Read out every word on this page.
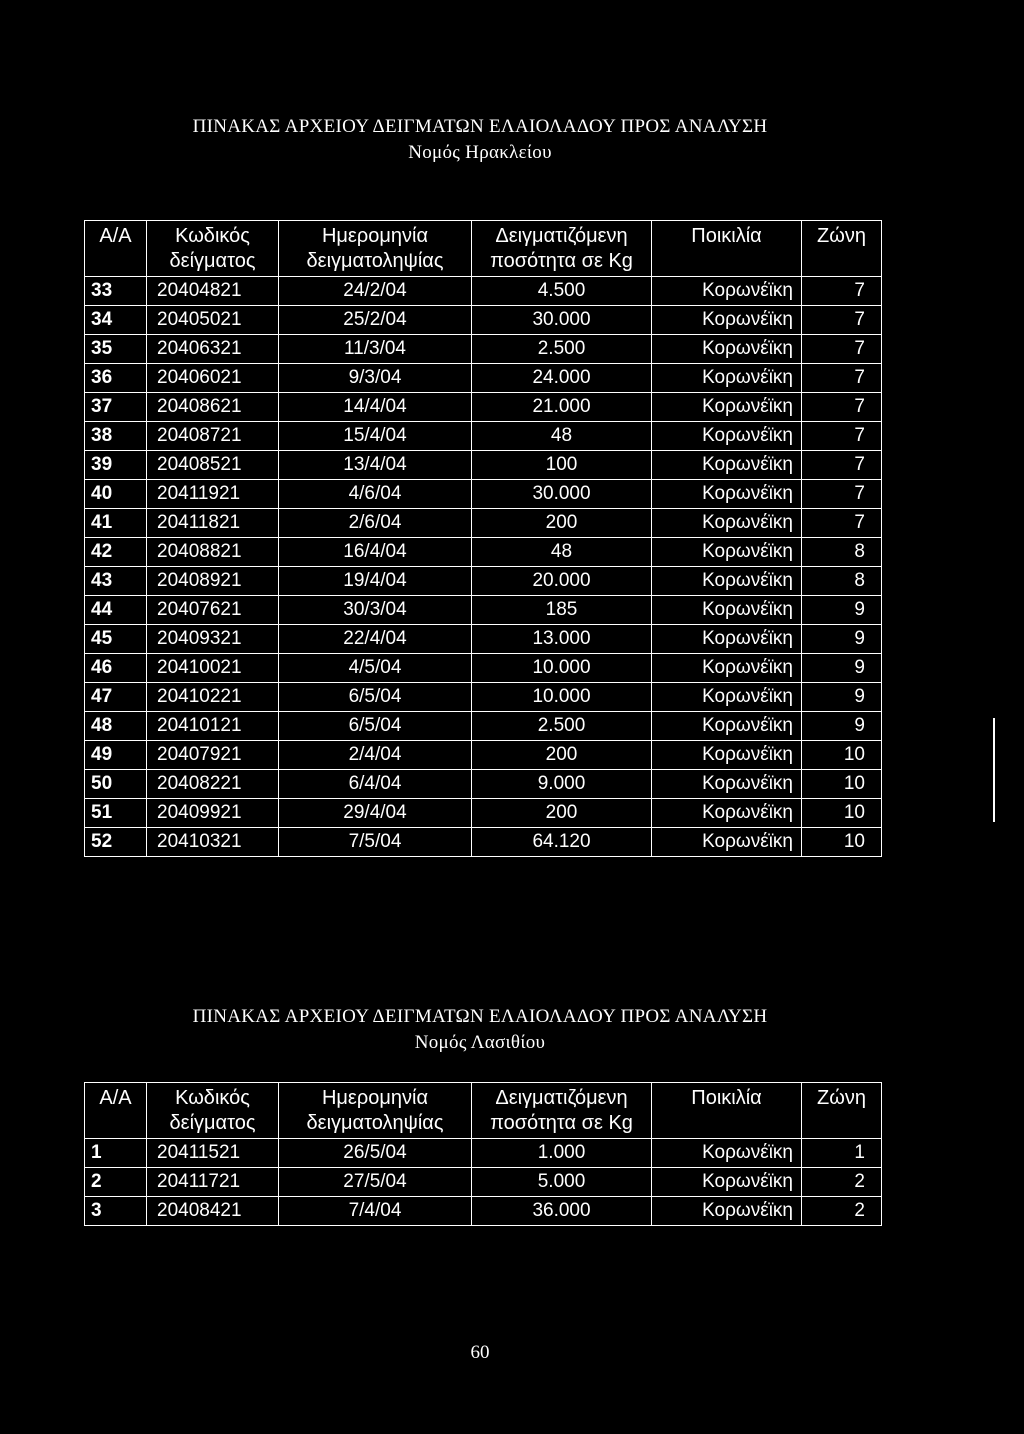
ΠΙΝΑΚΑΣ ΑΡΧΕΙΟΥ ΔΕΙΓΜΑΤΩΝ ΕΛΑΙΟΛΑΔΟΥ ΠΡΟΣ ΑΝΑΛΥΣΗ
Νομός Ηρακλείου
Α/Α	Κωδικός δείγματος	Ημερομηνία δειγματοληψίας	Δειγματιζόμενη ποσότητα σε Kg	Ποικιλία	Ζώνη
33	20404821	24/2/04	4.500	Κορωνέϊκη	7
34	20405021	25/2/04	30.000	Κορωνέϊκη	7
35	20406321	11/3/04	2.500	Κορωνέϊκη	7
36	20406021	9/3/04	24.000	Κορωνέϊκη	7
37	20408621	14/4/04	21.000	Κορωνέϊκη	7
38	20408721	15/4/04	48	Κορωνέϊκη	7
39	20408521	13/4/04	100	Κορωνέϊκη	7
40	20411921	4/6/04	30.000	Κορωνέϊκη	7
41	20411821	2/6/04	200	Κορωνέϊκη	7
42	20408821	16/4/04	48	Κορωνέϊκη	8
43	20408921	19/4/04	20.000	Κορωνέϊκη	8
44	20407621	30/3/04	185	Κορωνέϊκη	9
45	20409321	22/4/04	13.000	Κορωνέϊκη	9
46	20410021	4/5/04	10.000	Κορωνέϊκη	9
47	20410221	6/5/04	10.000	Κορωνέϊκη	9
48	20410121	6/5/04	2.500	Κορωνέϊκη	9
49	20407921	2/4/04	200	Κορωνέϊκη	10
50	20408221	6/4/04	9.000	Κορωνέϊκη	10
51	20409921	29/4/04	200	Κορωνέϊκη	10
52	20410321	7/5/04	64.120	Κορωνέϊκη	10
ΠΙΝΑΚΑΣ ΑΡΧΕΙΟΥ ΔΕΙΓΜΑΤΩΝ ΕΛΑΙΟΛΑΔΟΥ ΠΡΟΣ ΑΝΑΛΥΣΗ
Νομός Λασιθίου
Α/Α	Κωδικός δείγματος	Ημερομηνία δειγματοληψίας	Δειγματιζόμενη ποσότητα σε Kg	Ποικιλία	Ζώνη
1	20411521	26/5/04	1.000	Κορωνέϊκη	1
2	20411721	27/5/04	5.000	Κορωνέϊκη	2
3	20408421	7/4/04	36.000	Κορωνέϊκη	2
60
